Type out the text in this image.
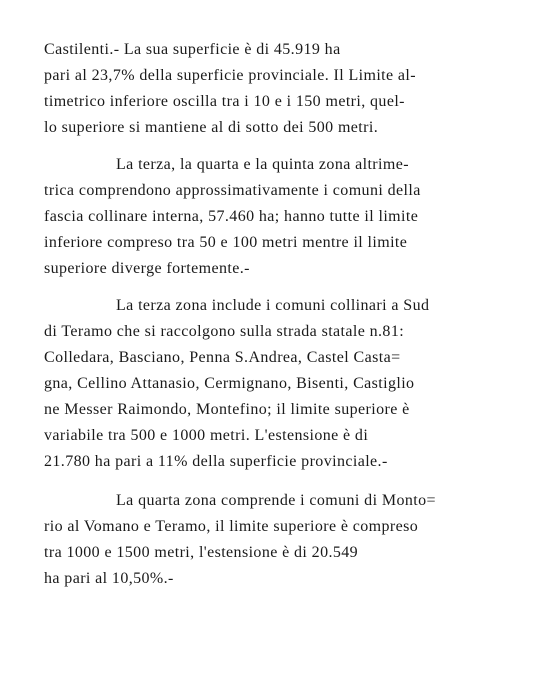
Castilenti.- La sua superficie è di 45.919 ha
pari al 23,7% della superficie provinciale. Il Limite al-
timetrico inferiore oscilla tra i 10 e i 150 metri, quel-
lo superiore si mantiene al di sotto dei 500 metri.
La terza, la quarta e la quinta zona altrime-
trica comprendono approssimativamente i comuni della
fascia collinare interna, 57.460 ha; hanno tutte il limite
inferiore compreso tra 50 e 100 metri mentre il limite
superiore diverge fortemente.-
La terza zona include i comuni collinari a Sud
di Teramo che si raccolgono sulla strada statale n.81:
Colledara, Basciano, Penna S.Andrea, Castel Casta=
gna, Cellino Attanasio, Cermignano, Bisenti, Castiglio
ne Messer Raimondo, Montefino; il limite superiore è
variabile tra 500 e 1000 metri. L'estensione è di
21.780 ha pari a 11% della superficie provinciale.-
La quarta zona comprende i comuni di Monto=
rio al Vomano e Teramo, il limite superiore è compreso
tra 1000 e 1500 metri, l'estensione è di 20.549
ha pari al 10,50%.-
